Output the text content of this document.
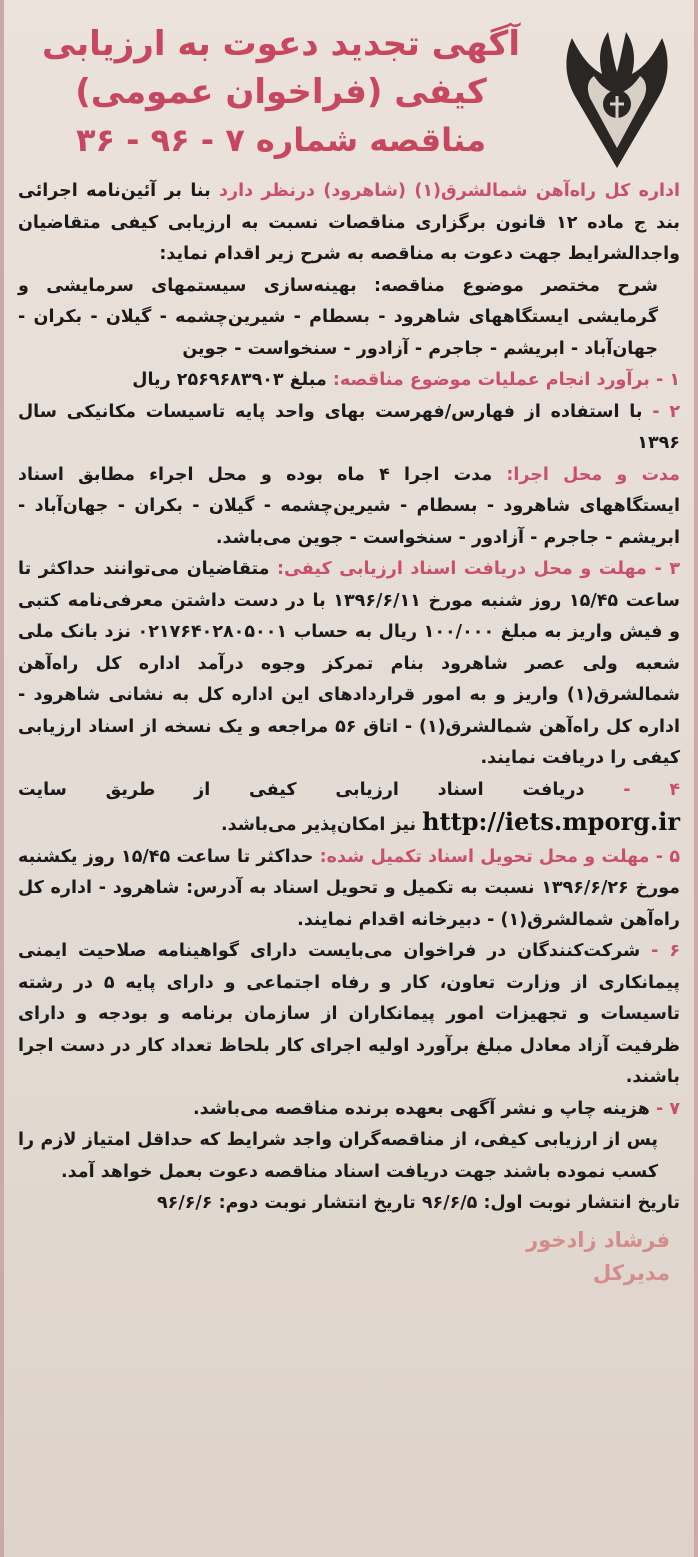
آگهی تجدید دعوت به ارزیابی
کیفی (فراخوان عمومی)
مناقصه شماره ۷ - ۹۶ - ۳۶

اداره کل راه‌آهن شمالشرق(۱) (شاهرود) درنظر دارد بنا بر آئین‌نامه اجرائی بند ج ماده ۱۲ قانون برگزاری مناقصات نسبت به ارزیابی کیفی متقاضیان واجدالشرایط جهت دعوت به مناقصه به شرح زیر اقدام نماید:

شرح مختصر موضوع مناقصه: بهینه‌سازی سیستمهای سرمایشی و گرمایشی ایستگاههای شاهرود - بسطام - شیرین‌چشمه - گیلان - بکران - جهان‌آباد - ابریشم - جاجرم - آزادور - سنخواست - جوین

۱ - برآورد انجام عملیات موضوع مناقصه: مبلغ ۲۵۶۹۶۸۳۹۰۳ ریال

۲ - با استفاده از فهارس/فهرست بهای واحد پایه تاسیسات مکانیکی سال ۱۳۹۶

مدت و محل اجرا: مدت اجرا ۴ ماه بوده و محل اجراء مطابق اسناد ایستگاههای شاهرود - بسطام - شیرین‌چشمه - گیلان - بکران - جهان‌آباد - ابریشم - جاجرم - آزادور - سنخواست - جوین می‌باشد.

۳ - مهلت و محل دریافت اسناد ارزیابی کیفی: متقاضیان می‌توانند حداکثر تا ساعت ۱۵/۴۵ روز شنبه مورخ ۱۳۹۶/۶/۱۱ با در دست داشتن معرفی‌نامه کتبی و فیش واریز به مبلغ ۱۰۰/۰۰۰ ریال به حساب ۰۲۱۷۶۴۰۲۸۰۵۰۰۱ نزد بانک ملی شعبه ولی عصر شاهرود بنام تمرکز وجوه درآمد اداره کل راه‌آهن شمالشرق(۱) واریز و به امور قراردادهای این اداره کل به نشانی شاهرود - اداره کل راه‌آهن شمالشرق(۱) - اتاق ۵۶ مراجعه و یک نسخه از اسناد ارزیابی کیفی را دریافت نمایند.

۴ - دریافت اسناد ارزیابی کیفی از طریق سایت http://iets.mporg.ir نیز امکان‌پذیر می‌باشد.

۵ - مهلت و محل تحویل اسناد تکمیل شده: حداکثر تا ساعت ۱۵/۴۵ روز یکشنبه مورخ ۱۳۹۶/۶/۲۶ نسبت به تکمیل و تحویل اسناد به آدرس: شاهرود - اداره کل راه‌آهن شمالشرق(۱) - دبیرخانه اقدام نمایند.

۶ - شرکت‌کنندگان در فراخوان می‌بایست دارای گواهینامه صلاحیت ایمنی پیمانکاری از وزارت تعاون، کار و رفاه اجتماعی و دارای پایه ۵ در رشته تاسیسات و تجهیزات امور پیمانکاران از سازمان برنامه و بودجه و دارای ظرفیت آزاد معادل مبلغ برآورد اولیه اجرای کار بلحاظ تعداد کار در دست اجرا باشند.

۷ - هزینه چاپ و نشر آگهی بعهده برنده مناقصه می‌باشد.

پس از ارزیابی کیفی، از مناقصه‌گران واجد شرایط که حداقل امتیاز لازم را کسب نموده باشند جهت دریافت اسناد مناقصه دعوت بعمل خواهد آمد.

تاریخ انتشار نوبت اول: ۹۶/۶/۵ تاریخ انتشار نوبت دوم: ۹۶/۶/۶

فرشاد زادخور
مدیرکل
